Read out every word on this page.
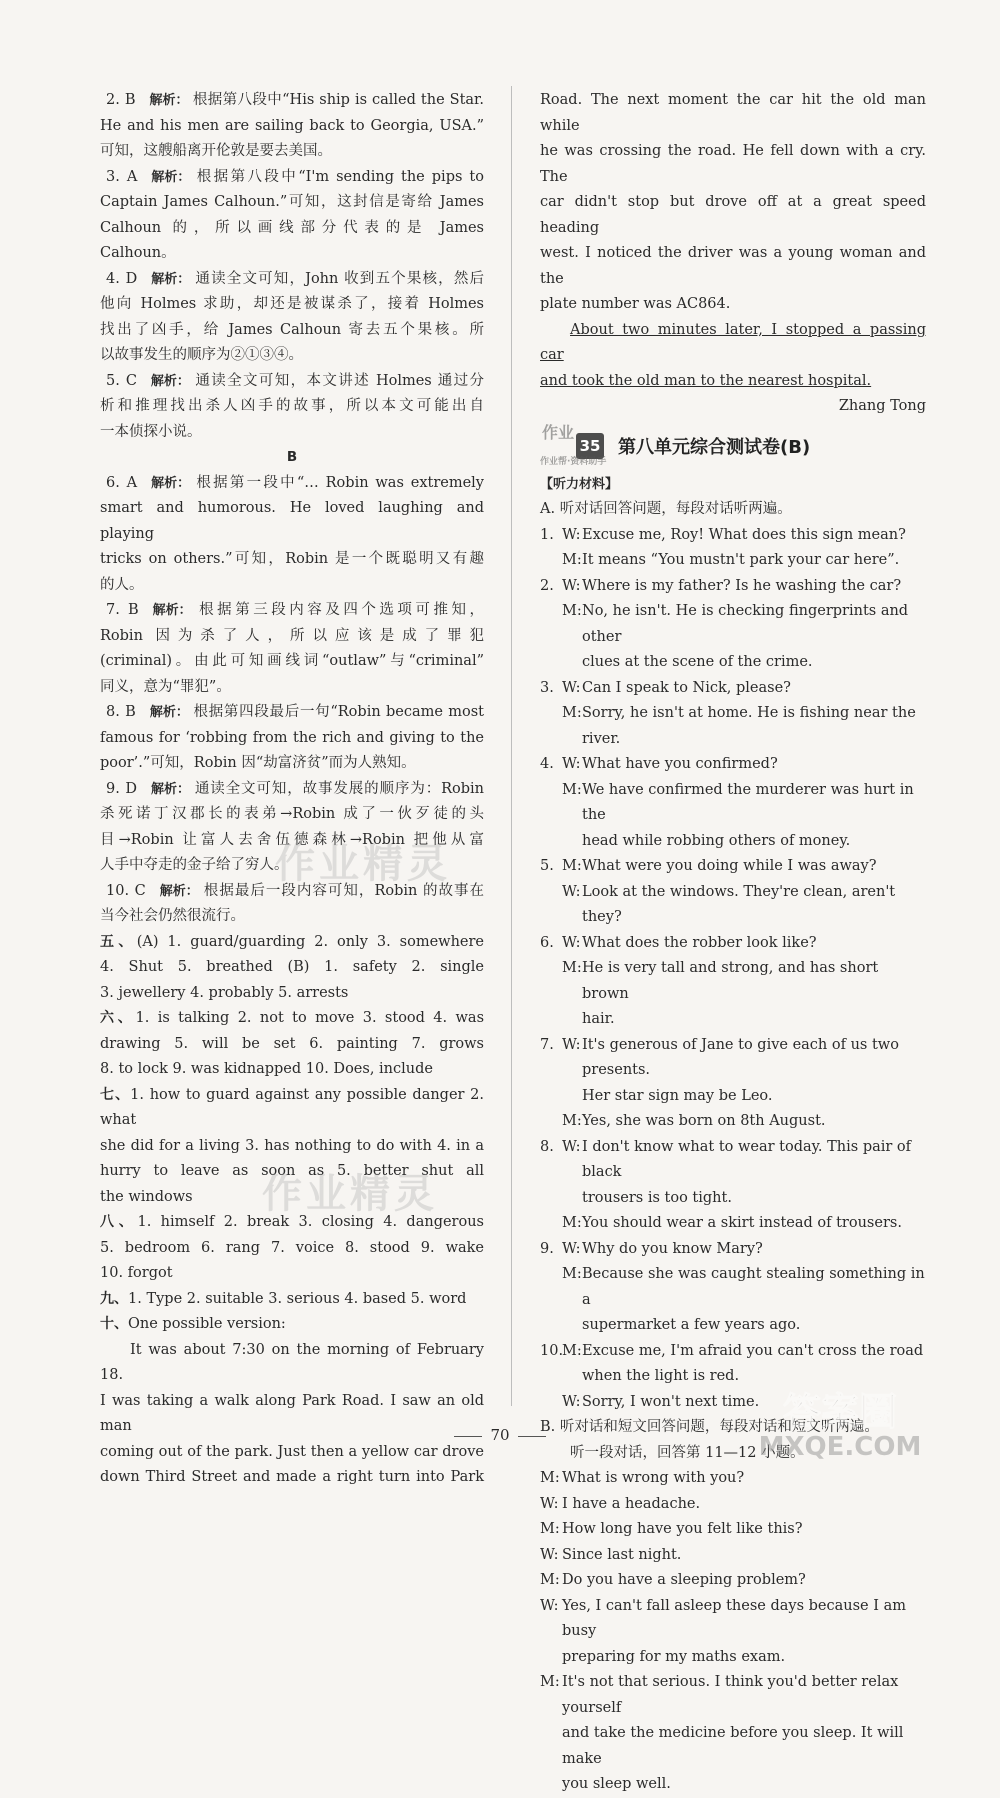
2. B 解析： 根据第八段中“His ship is called the Star.

He and his men are sailing back to Georgia, USA.”

可知，这艘船离开伦敦是要去美国。

3. A 解析： 根据第八段中“I'm sending the pips to

Captain James Calhoun.”可知，这封信是寄给 James

Calhoun 的，所以画线部分代表的是 James

Calhoun。

4. D 解析： 通读全文可知，John 收到五个果核，然后

他向 Holmes 求助，却还是被谋杀了，接着 Holmes

找出了凶手，给 James Calhoun 寄去五个果核。所

以故事发生的顺序为②①③④。

5. C 解析： 通读全文可知，本文讲述 Holmes 通过分

析和推理找出杀人凶手的故事，所以本文可能出自

一本侦探小说。

B

6. A 解析： 根据第一段中“… Robin was extremely

smart and humorous. He loved laughing and playing

tricks on others.”可知，Robin 是一个既聪明又有趣

的人。

7. B 解析： 根据第三段内容及四个选项可推知，

Robin 因为杀了人，所以应该是成了罪犯

(criminal)。由此可知画线词“outlaw”与“criminal”

同义，意为“罪犯”。

8. B 解析： 根据第四段最后一句“Robin became most

famous for ‘robbing from the rich and giving to the

poor’.”可知，Robin 因“劫富济贫”而为人熟知。

9. D 解析： 通读全文可知，故事发展的顺序为：Robin

杀死诺丁汉郡长的表弟→Robin 成了一伙歹徒的头

目→Robin 让富人去舍伍德森林→Robin 把他从富

人手中夺走的金子给了穷人。

10. C 解析： 根据最后一段内容可知，Robin 的故事在

当今社会仍然很流行。

五、(A) 1. guard/guarding 2. only 3. somewhere

4. Shut 5. breathed (B) 1. safety 2. single

3. jewellery 4. probably 5. arrests

六、1. is talking 2. not to move 3. stood 4. was

drawing 5. will be set 6. painting 7. grows

8. to lock 9. was kidnapped 10. Does, include

七、1. how to guard against any possible danger 2. what

she did for a living 3. has nothing to do with 4. in a

hurry to leave as soon as 5. better shut all

the windows

八、1. himself 2. break 3. closing 4. dangerous

5. bedroom 6. rang 7. voice 8. stood 9. wake

10. forgot

九、1. Type 2. suitable 3. serious 4. based 5. word

十、One possible version:

It was about 7:30 on the morning of February 18.

I was taking a walk along Park Road. I saw an old man

coming out of the park. Just then a yellow car drove

down Third Street and made a right turn into Park

Road. The next moment the car hit the old man while

he was crossing the road. He fell down with a cry. The

car didn't stop but drove off at a great speed heading

west. I noticed the driver was a young woman and the

plate number was AC864.

About two minutes later, I stopped a passing car

and took the old man to the nearest hospital.

Zhang Tong

作业
作业帮·资料助手
35 第八单元综合测试卷(B)

【听力材料】

A. 听对话回答问题，每段对话听两遍。

1. W: Excuse me, Roy! What does this sign mean?

M: It means “You mustn't park your car here”.

2. W: Where is my father? Is he washing the car?

M: No, he isn't. He is checking fingerprints and other

clues at the scene of the crime.

3. W: Can I speak to Nick, please?

M: Sorry, he isn't at home. He is fishing near the river.

4. W: What have you confirmed?

M: We have confirmed the murderer was hurt in the

head while robbing others of money.

5. M: What were you doing while I was away?

W: Look at the windows. They're clean, aren't they?

6. W: What does the robber look like?

M: He is very tall and strong, and has short brown

hair.

7. W: It's generous of Jane to give each of us two presents.

Her star sign may be Leo.

M: Yes, she was born on 8th August.

8. W: I don't know what to wear today. This pair of black

trousers is too tight.

M: You should wear a skirt instead of trousers.

9. W: Why do you know Mary?

M: Because she was caught stealing something in a

supermarket a few years ago.

10.
M: Excuse me, I'm afraid you can't cross the road

when the light is red.

W: Sorry, I won't next time.

B. 听对话和短文回答问题，每段对话和短文听两遍。

听一段对话，回答第 11—12 小题。

M: What is wrong with you?

W: I have a headache.

M: How long have you felt like this?

W: Since last night.

M: Do you have a sleeping problem?

W: Yes, I can't fall asleep these days because I am busy

preparing for my maths exam.

M: It's not that serious. I think you'd better relax yourself

and take the medicine before you sleep. It will make

you sleep well.

作业精灵
作业精灵
答案圈
MXQE.COM
70
